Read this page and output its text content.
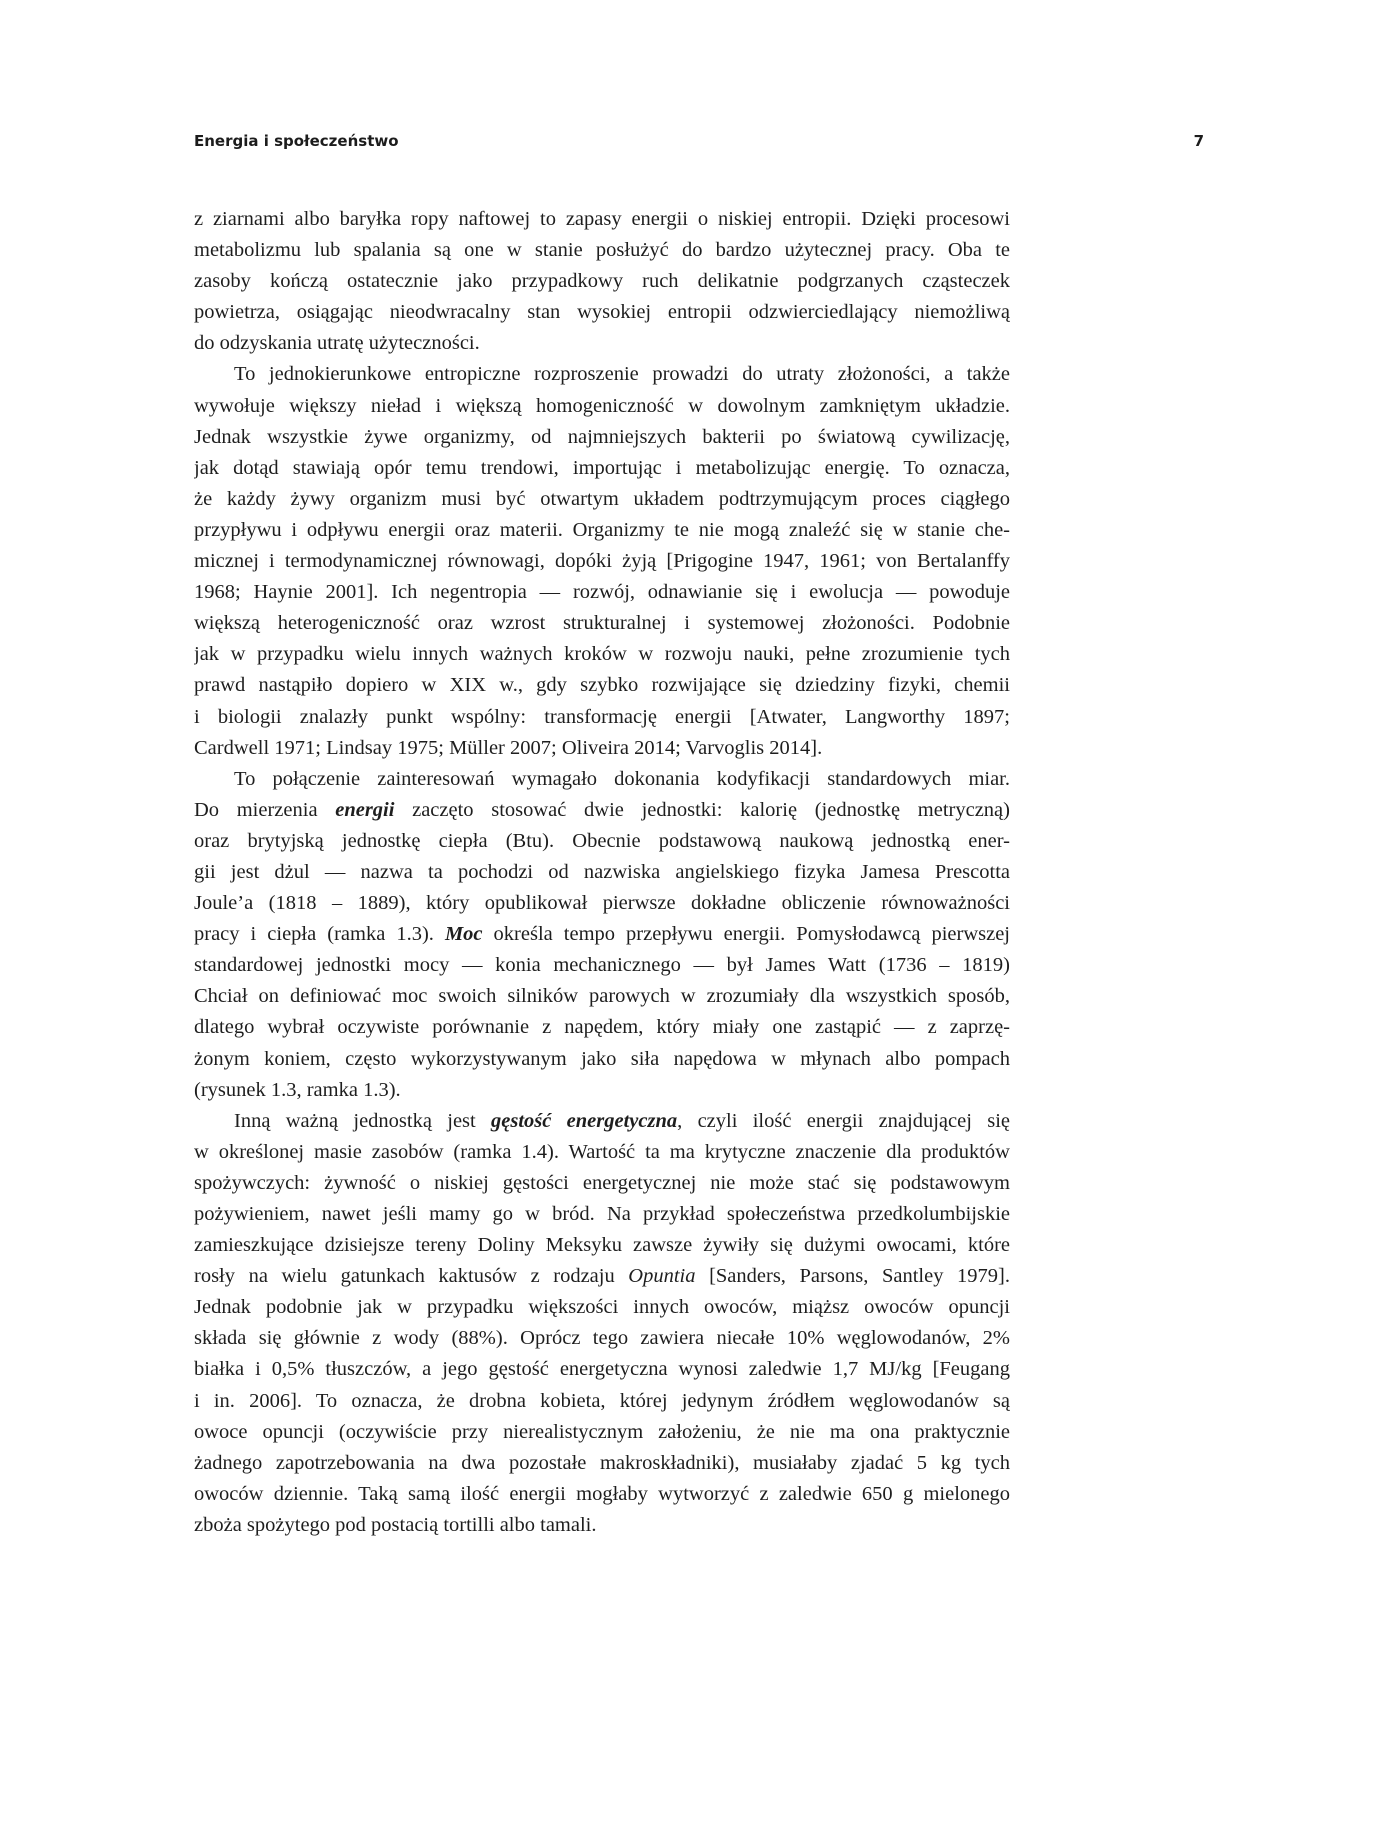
Energia i społeczeństwo	7
z ziarnami albo baryłka ropy naftowej to zapasy energii o niskiej entropii. Dzięki procesowi
metabolizmu lub spalania są one w stanie posłużyć do bardzo użytecznej pracy. Oba te
zasoby kończą ostatecznie jako przypadkowy ruch delikatnie podgrzanych cząsteczek
powietrza, osiągając nieodwracalny stan wysokiej entropii odzwierciedlający niemożliwą
do odzyskania utratę użyteczności.
To jednokierunkowe entropiczne rozproszenie prowadzi do utraty złożoności, a także
wywołuje większy nieład i większą homogeniczność w dowolnym zamkniętym układzie.
Jednak wszystkie żywe organizmy, od najmniejszych bakterii po światową cywilizację,
jak dotąd stawiają opór temu trendowi, importując i metabolizując energię. To oznacza,
że każdy żywy organizm musi być otwartym układem podtrzymującym proces ciągłego
przypływu i odpływu energii oraz materii. Organizmy te nie mogą znaleźć się w stanie che-
micznej i termodynamicznej równowagi, dopóki żyją [Prigogine 1947, 1961; von Bertalanffy
1968; Haynie 2001]. Ich negentropia — rozwój, odnawianie się i ewolucja — powoduje
większą heterogeniczność oraz wzrost strukturalnej i systemowej złożoności. Podobnie
jak w przypadku wielu innych ważnych kroków w rozwoju nauki, pełne zrozumienie tych
prawd nastąpiło dopiero w XIX w., gdy szybko rozwijające się dziedziny fizyki, chemii
i biologii znalazły punkt wspólny: transformację energii [Atwater, Langworthy 1897;
Cardwell 1971; Lindsay 1975; Müller 2007; Oliveira 2014; Varvoglis 2014].
To połączenie zainteresowań wymagało dokonania kodyfikacji standardowych miar.
Do mierzenia energii zaczęto stosować dwie jednostki: kalorię (jednostkę metryczną)
oraz brytyjską jednostkę ciepła (Btu). Obecnie podstawową naukową jednostką ener-
gii jest dżul — nazwa ta pochodzi od nazwiska angielskiego fizyka Jamesa Prescotta
Joule’a (1818 – 1889), który opublikował pierwsze dokładne obliczenie równoważności
pracy i ciepła (ramka 1.3). Moc określa tempo przepływu energii. Pomysłodawcą pierwszej
standardowej jednostki mocy — konia mechanicznego — był James Watt (1736 – 1819)
Chciał on definiować moc swoich silników parowych w zrozumiały dla wszystkich sposób,
dlatego wybrał oczywiste porównanie z napędem, który miały one zastąpić — z zaprzę-
żonym koniem, często wykorzystywanym jako siła napędowa w młynach albo pompach
(rysunek 1.3, ramka 1.3).
Inną ważną jednostką jest gęstość energetyczna, czyli ilość energii znajdującej się
w określonej masie zasobów (ramka 1.4). Wartość ta ma krytyczne znaczenie dla produktów
spożywczych: żywność o niskiej gęstości energetycznej nie może stać się podstawowym
pożywieniem, nawet jeśli mamy go w bród. Na przykład społeczeństwa przedkolumbijskie
zamieszkujące dzisiejsze tereny Doliny Meksyku zawsze żywiły się dużymi owocami, które
rosły na wielu gatunkach kaktusów z rodzaju Opuntia [Sanders, Parsons, Santley 1979].
Jednak podobnie jak w przypadku większości innych owoców, miąższ owoców opuncji
składa się głównie z wody (88%). Oprócz tego zawiera niecałe 10% węglowodanów, 2%
białka i 0,5% tłuszczów, a jego gęstość energetyczna wynosi zaledwie 1,7 MJ/kg [Feugang
i in. 2006]. To oznacza, że drobna kobieta, której jedynym źródłem węglowodanów są
owoce opuncji (oczywiście przy nierealistycznym założeniu, że nie ma ona praktycznie
żadnego zapotrzebowania na dwa pozostałe makroskładniki), musiałaby zjadać 5 kg tych
owoców dziennie. Taką samą ilość energii mogłaby wytworzyć z zaledwie 650 g mielonego
zboża spożytego pod postacią tortilli albo tamali.
